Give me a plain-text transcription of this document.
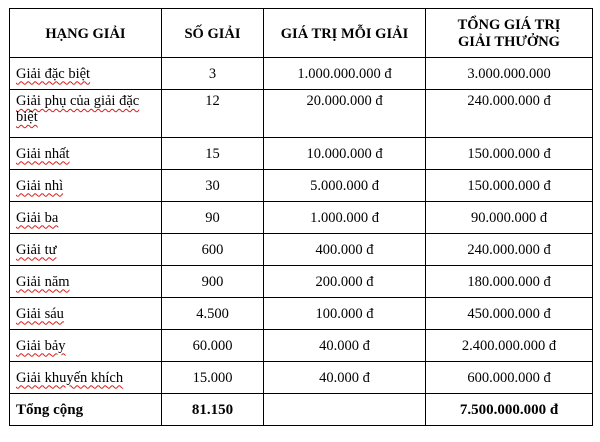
HẠNG GIẢI	SỐ GIẢI	GIÁ TRỊ MỖI GIẢI	TỔNG GIÁ TRỊ
GIẢI THƯỞNG
Giải đặc biệt	3	1.000.000.000 đ	3.000.000.000
Giải phụ của giải đặc biệt	12	20.000.000 đ	240.000.000 đ
Giải nhất	15	10.000.000 đ	150.000.000 đ
Giải nhì	30	5.000.000 đ	150.000.000 đ
Giải ba	90	1.000.000 đ	90.000.000 đ
Giải tư	600	400.000 đ	240.000.000 đ
Giải năm	900	200.000 đ	180.000.000 đ
Giải sáu	4.500	100.000 đ	450.000.000 đ
Giải bảy	60.000	40.000 đ	2.400.000.000 đ
Giải khuyến khích	15.000	40.000 đ	600.000.000 đ
Tổng cộng	81.150		7.500.000.000 đ
